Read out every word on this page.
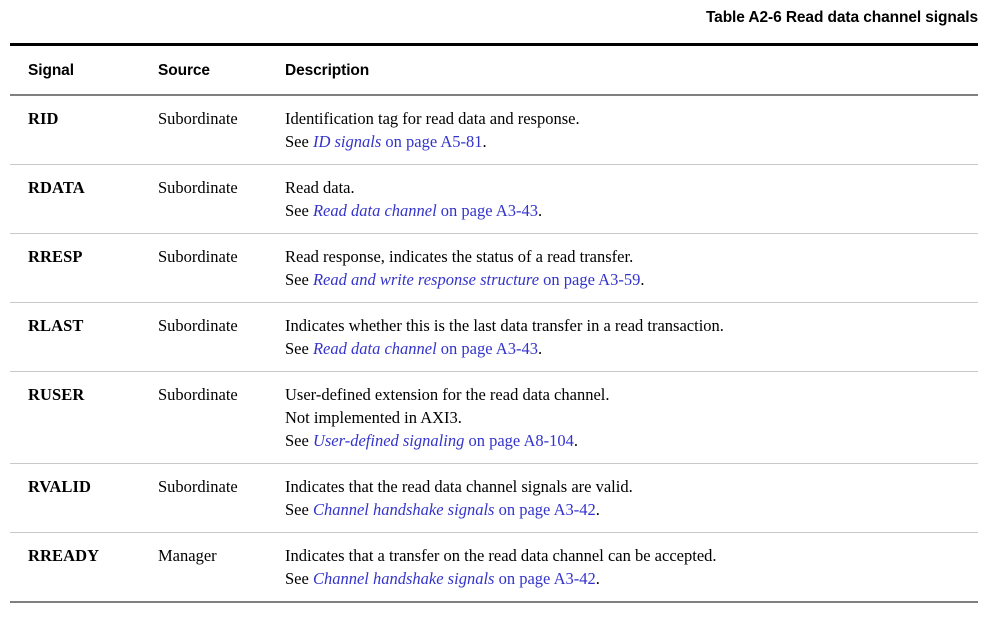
Table A2-6 Read data channel signals
Signal	Source	Description
RID	Subordinate	Identification tag for read data and response.
See ID signals on page A5-81.

RDATA	Subordinate	Read data.
See Read data channel on page A3-43.

RRESP	Subordinate	Read response, indicates the status of a read transfer.
See Read and write response structure on page A3-59.

RLAST	Subordinate	Indicates whether this is the last data transfer in a read transaction.
See Read data channel on page A3-43.

RUSER	Subordinate	User-defined extension for the read data channel.
Not implemented in AXI3.
See User-defined signaling on page A8-104.

RVALID	Subordinate	Indicates that the read data channel signals are valid.
See Channel handshake signals on page A3-42.

RREADY	Manager	Indicates that a transfer on the read data channel can be accepted.
See Channel handshake signals on page A3-42.
